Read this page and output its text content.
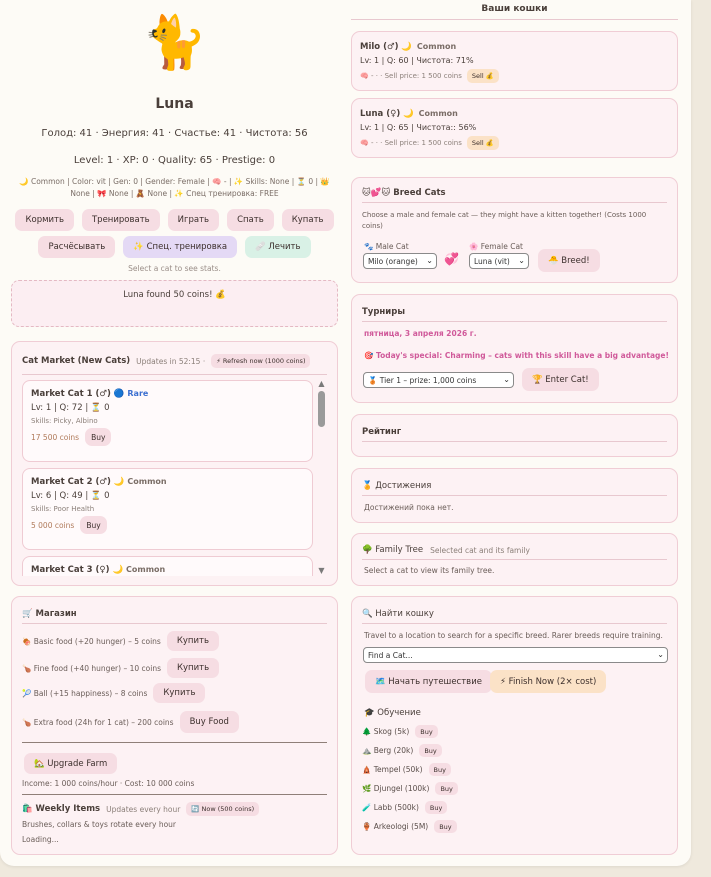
🐈
Luna
Голод: 41 · Энергия: 41 · Счастье: 41 · Чистота: 56
Level: 1 · XP: 0 · Quality: 65 · Prestige: 0
🌙 Common | Color: vit | Gen: 0 | Gender: Female | 🧠 - | ✨ Skills: None | ⏳ 0 | 👑 None | 🎀 None | 🧸 None | ✨ Спец тренировка: FREE
Кормить	Тренировать	Играть	Спать	Купать
Расчёсывать	✨ Спец. тренировка	🩹 Лечить
Select a cat to see stats.
Luna found 50 coins! 💰
Cat Market (New Cats) Updates in 52:15 ·	⚡ Refresh now (1000 coins)
Market Cat 1 (♂) 🔵 Rare
Lv: 1 | Q: 72 | ⏳ 0
Skills: Picky, Albino
17 500 coins	Buy
Market Cat 2 (♂) 🌙 Common
Lv: 6 | Q: 49 | ⏳ 0
Skills: Poor Health
5 000 coins	Buy
Market Cat 3 (♀) 🌙 Common
▲
▼
🛒 Магазин
🍖 Basic food (+20 hunger) – 5 coins	Купить
🍗 Fine food (+40 hunger) – 10 coins	Купить
🎾 Ball (+15 happiness) – 8 coins	Купить
🍗 Extra food (24h for 1 cat) – 200 coins	Buy Food
🏡 Upgrade Farm
Income: 1 000 coins/hour · Cost: 10 000 coins
🛍️ Weekly Items Updates every hour	🔄 Now (500 coins)
Brushes, collars & toys rotate every hour
Loading...
Ваши кошки
Milo (♂) 🌙 Common
Lv: 1 | Q: 60 | Чистота: 71%
🧠 - · · Sell price: 1 500 coins	Sell 💰
Luna (♀) 🌙 Common
Lv: 1 | Q: 65 | Чистота:: 56%
🧠 - · · Sell price: 1 500 coins	Sell 💰
🐱💕🐱 Breed Cats
Choose a male and female cat — they might have a kitten together! (Costs 1000 coins)
🐾 Male Cat	🌸 Female Cat
Milo (orange) ⌄ 💞	Luna (vit) ⌄	🐣 Breed!
Турниры
пятница, 3 апреля 2026 г.
🎯 Today's special: Charming – cats with this skill have a big advantage!
🥉 Tier 1 – prize: 1,000 coins	⌄	🏆 Enter Cat!
Рейтинг
🏅 Достижения
Достижений пока нет.
🌳 Family Tree Selected cat and its family
Select a cat to view its family tree.
🔍 Найти кошку
Travel to a location to search for a specific breed. Rarer breeds require training.
Find a Cat...	⌄
🗺️ Начать путешествие	⚡ Finish Now (2× cost)
🎓 Обучение
🌲 Skog (5k)	Buy
⛰️ Berg (20k)	Buy
🛕 Tempel (50k)	Buy
🌿 Djungel (100k)	Buy
🧪 Labb (500k)	Buy
🏺 Arkeologi (5M)	Buy
